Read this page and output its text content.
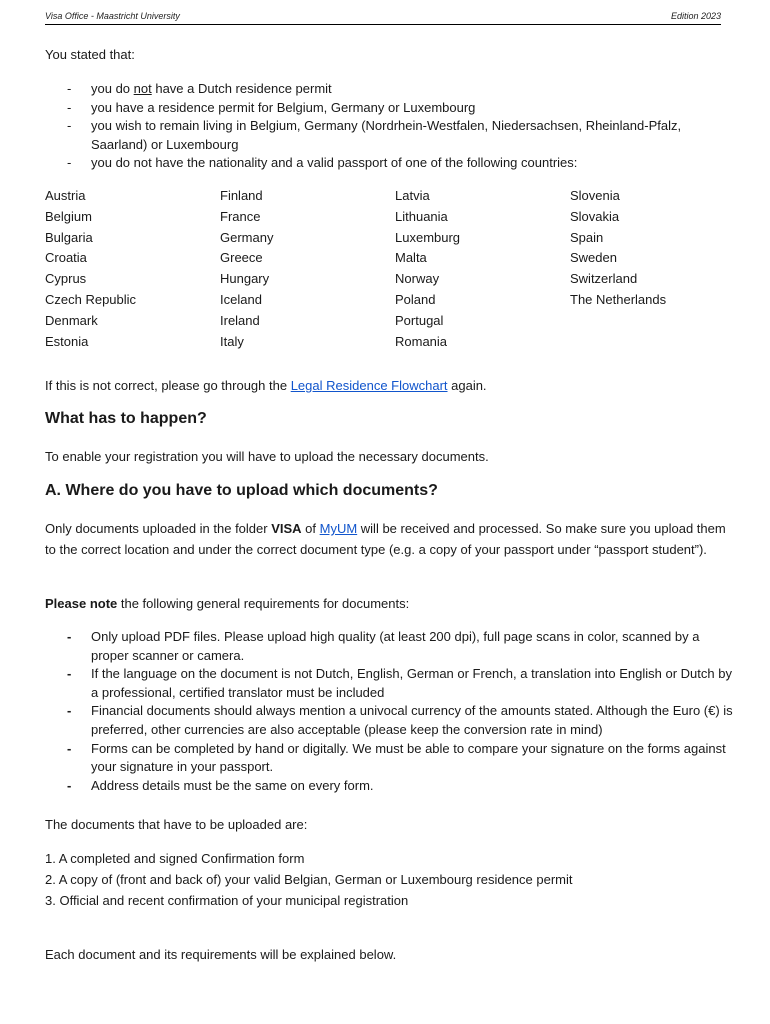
Visa Office - Maastricht University	Edition 2023
You stated that:
- you do not have a Dutch residence permit
- you have a residence permit for Belgium, Germany or Luxembourg
- you wish to remain living in Belgium, Germany (Nordrhein-Westfalen, Niedersachsen, Rheinland-Pfalz, Saarland) or Luxembourg
- you do not have the nationality and a valid passport of one of the following countries:
Austria
Belgium
Bulgaria
Croatia
Cyprus
Czech Republic
Denmark
Estonia
Finland
France
Germany
Greece
Hungary
Iceland
Ireland
Italy
Latvia
Lithuania
Luxemburg
Malta
Norway
Poland
Portugal
Romania
Slovenia
Slovakia
Spain
Sweden
Switzerland
The Netherlands
If this is not correct, please go through the Legal Residence Flowchart again.
What has to happen?
To enable your registration you will have to upload the necessary documents.
A. Where do you have to upload which documents?
Only documents uploaded in the folder VISA of MyUM will be received and processed. So make sure you upload them to the correct location and under the correct document type (e.g. a copy of your passport under “passport student”).
Please note the following general requirements for documents:
- Only upload PDF files. Please upload high quality (at least 200 dpi), full page scans in color, scanned by a proper scanner or camera.
- If the language on the document is not Dutch, English, German or French, a translation into English or Dutch by a professional, certified translator must be included
- Financial documents should always mention a univocal currency of the amounts stated. Although the Euro (€) is preferred, other currencies are also acceptable (please keep the conversion rate in mind)
- Forms can be completed by hand or digitally. We must be able to compare your signature on the forms against your signature in your passport.
- Address details must be the same on every form.
The documents that have to be uploaded are:
1. A completed and signed Confirmation form
2. A copy of (front and back of) your valid Belgian, German or Luxembourg residence permit
3. Official and recent confirmation of your municipal registration
Each document and its requirements will be explained below.
